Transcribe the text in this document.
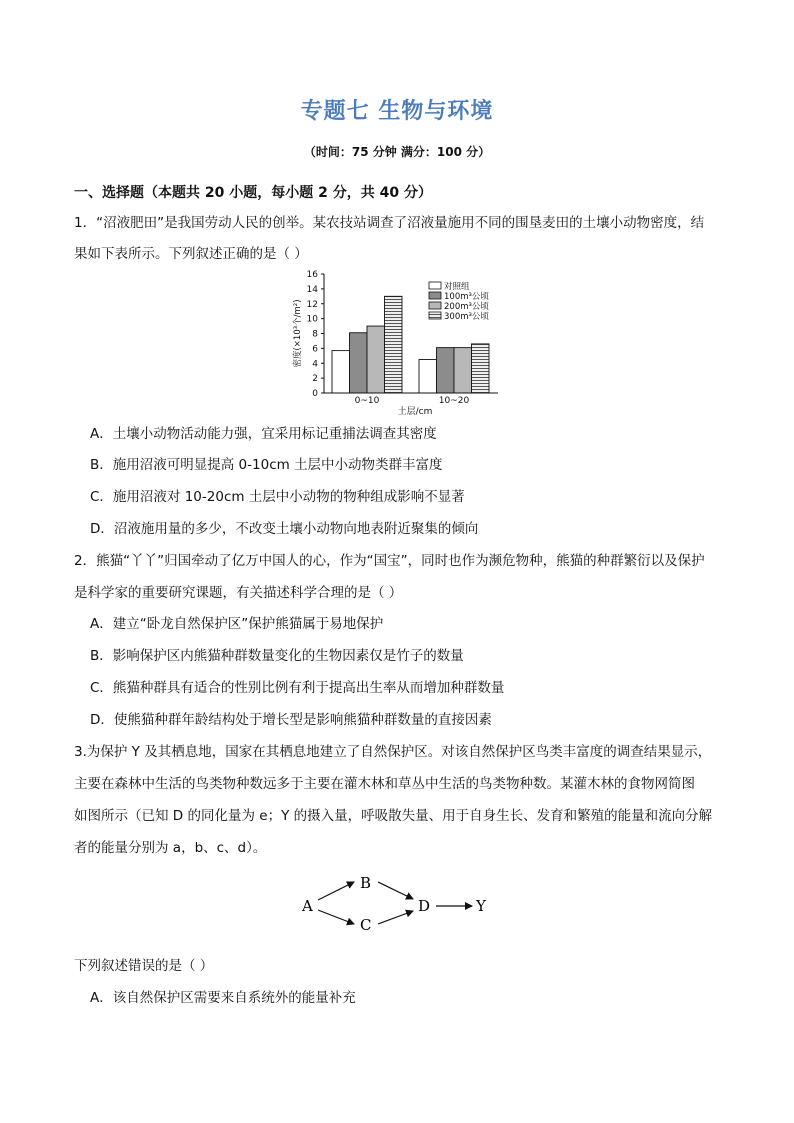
专题七 生物与环境
（时间：75 分钟 满分：100 分）
一、选择题（本题共 20 小题，每小题 2 分，共 40 分）
1．“沼液肥田”是我国劳动人民的创举。某农技站调查了沼液量施用不同的围垦麦田的土壤小动物密度，结
果如下表所示。下列叙述正确的是（ ）
0
2
4
6
8
10
12
14
16
密度(×10³个/m²)
0~10	10~20
土层/cm
对照组
100m³公顷
200m³公顷
300m³公顷
A．土壤小动物活动能力强，宜采用标记重捕法调查其密度
B．施用沼液可明显提高 0-10cm 土层中小动物类群丰富度
C．施用沼液对 10-20cm 土层中小动物的物种组成影响不显著
D．沼液施用量的多少，不改变土壤小动物向地表附近聚集的倾向
2．熊猫“丫丫”归国牵动了亿万中国人的心，作为“国宝”，同时也作为濒危物种，熊猫的种群繁衍以及保护
是科学家的重要研究课题，有关描述科学合理的是（ ）
A．建立“卧龙自然保护区”保护熊猫属于易地保护
B．影响保护区内熊猫种群数量变化的生物因素仅是竹子的数量
C．熊猫种群具有适合的性别比例有利于提高出生率从而增加种群数量
D．使熊猫种群年龄结构处于增长型是影响熊猫种群数量的直接因素
3.为保护 Y 及其栖息地，国家在其栖息地建立了自然保护区。对该自然保护区鸟类丰富度的调查结果显示，
主要在森林中生活的鸟类物种数远多于主要在灌木林和草丛中生活的鸟类物种数。某灌木林的食物网简图
如图所示（已知 D 的同化量为 e；Y 的摄入量，呼吸散失量、用于自身生长、发育和繁殖的能量和流向分解
者的能量分别为 a，b、c、d）。
A
B
C
D	Y
下列叙述错误的是（ ）
A．该自然保护区需要来自系统外的能量补充
